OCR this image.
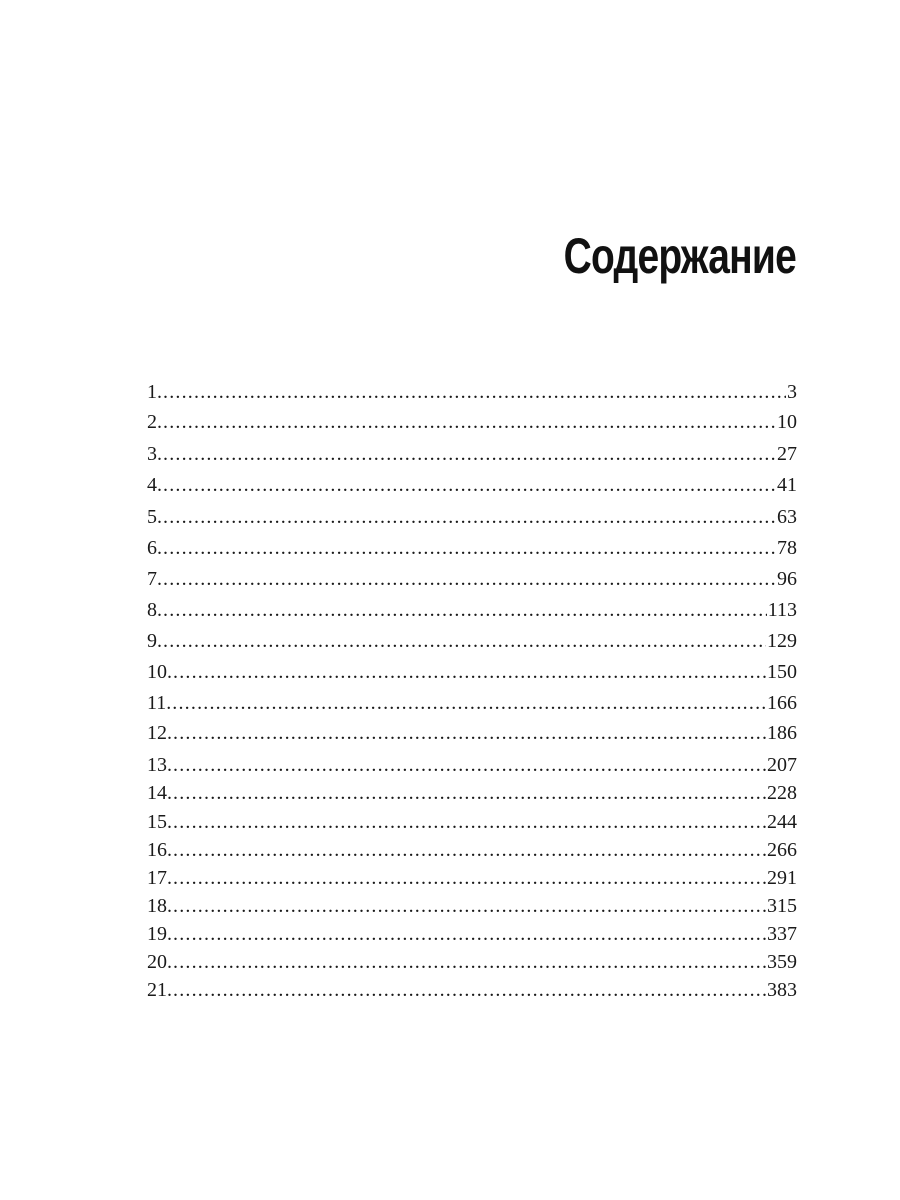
Содержание
1. .....	3
2. .....	10
3. .....	27
4. .....	41
5. .....	63
6. .....	78
7. .....	96
8. .....	113
9. .....	129
10. .....	150
11. .....	166
12. .....	186
13. .....	207
14. .....	228
15. .....	244
16. .....	266
17. .....	291
18. .....	315
19. .....	337
20. .....	359
21. .....	383
